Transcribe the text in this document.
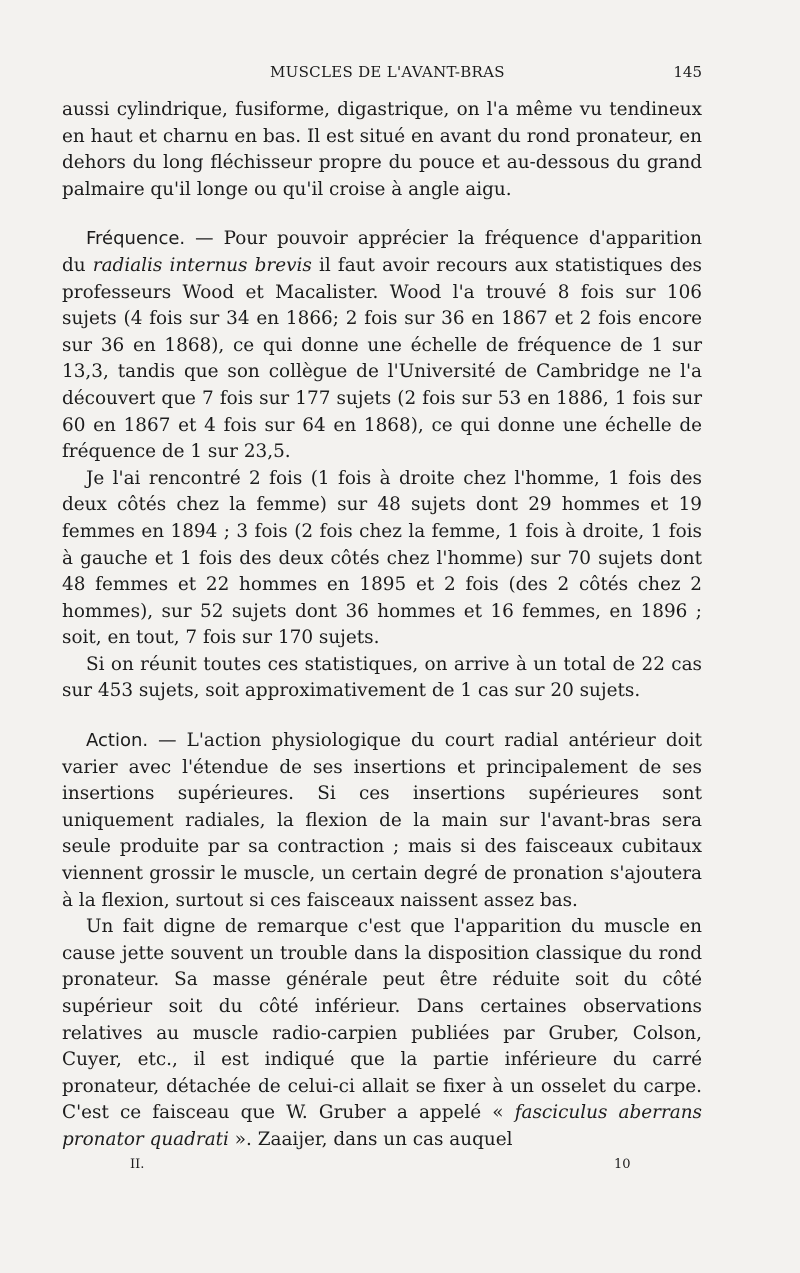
MUSCLES DE L'AVANT-BRAS	145

aussi cylindrique, fusiforme, digastrique, on l'a même vu tendineux en haut et charnu en bas. Il est situé en avant du rond pronateur, en dehors du long fléchisseur propre du pouce et au-dessous du grand palmaire qu'il longe ou qu'il croise à angle aigu.

Fréquence. — Pour pouvoir apprécier la fréquence d'apparition du radialis internus brevis il faut avoir recours aux statistiques des professeurs Wood et Macalister. Wood l'a trouvé 8 fois sur 106 sujets (4 fois sur 34 en 1866; 2 fois sur 36 en 1867 et 2 fois encore sur 36 en 1868), ce qui donne une échelle de fréquence de 1 sur 13,3, tandis que son collègue de l'Université de Cambridge ne l'a découvert que 7 fois sur 177 sujets (2 fois sur 53 en 1886, 1 fois sur 60 en 1867 et 4 fois sur 64 en 1868), ce qui donne une échelle de fréquence de 1 sur 23,5.

Je l'ai rencontré 2 fois (1 fois à droite chez l'homme, 1 fois des deux côtés chez la femme) sur 48 sujets dont 29 hommes et 19 femmes en 1894 ; 3 fois (2 fois chez la femme, 1 fois à droite, 1 fois à gauche et 1 fois des deux côtés chez l'homme) sur 70 sujets dont 48 femmes et 22 hommes en 1895 et 2 fois (des 2 côtés chez 2 hommes), sur 52 sujets dont 36 hommes et 16 femmes, en 1896 ; soit, en tout, 7 fois sur 170 sujets.

Si on réunit toutes ces statistiques, on arrive à un total de 22 cas sur 453 sujets, soit approximativement de 1 cas sur 20 sujets.

Action. — L'action physiologique du court radial antérieur doit varier avec l'étendue de ses insertions et principalement de ses insertions supérieures. Si ces insertions supérieures sont uniquement radiales, la flexion de la main sur l'avant-bras sera seule produite par sa contraction ; mais si des faisceaux cubitaux viennent grossir le muscle, un certain degré de pronation s'ajoutera à la flexion, surtout si ces faisceaux naissent assez bas.

Un fait digne de remarque c'est que l'apparition du muscle en cause jette souvent un trouble dans la disposition classique du rond pronateur. Sa masse générale peut être réduite soit du côté supérieur soit du côté inférieur. Dans certaines observations relatives au muscle radio-carpien publiées par Gruber, Colson, Cuyer, etc., il est indiqué que la partie inférieure du carré pronateur, détachée de celui-ci allait se fixer à un osselet du carpe. C'est ce faisceau que W. Gruber a appelé « fasciculus aberrans pronator quadrati ». Zaaijer, dans un cas auquel

II.	10
